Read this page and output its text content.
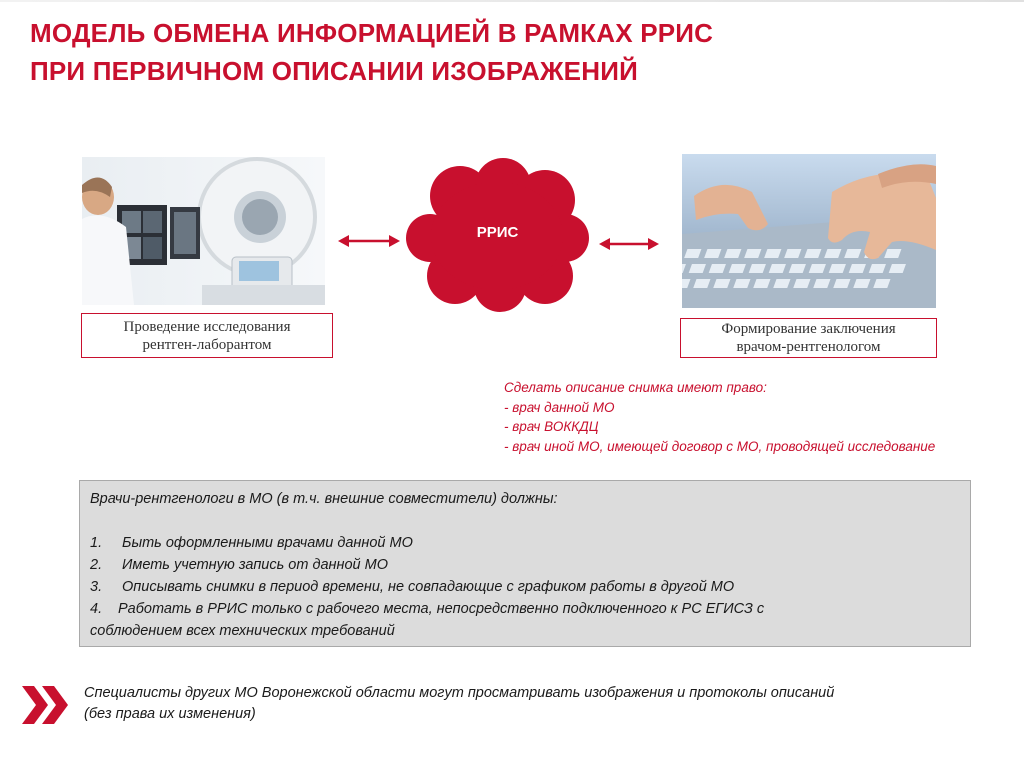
МОДЕЛЬ ОБМЕНА ИНФОРМАЦИЕЙ В РАМКАХ РРИС
ПРИ ПЕРВИЧНОМ ОПИСАНИИ ИЗОБРАЖЕНИЙ
Проведение исследования
рентген-лаборантом
Формирование заключения
врачом-рентгенологом
РРИС
Сделать описание снимка имеют право:
- врач данной МО
- врач ВОККДЦ
- врач иной МО, имеющей договор с МО, проводящей исследование
Врачи-рентгенологи в МО (в т.ч. внешние совместители) должны:
1. Быть оформленными врачами данной МО
2. Иметь учетную запись от данной МО
3. Описывать снимки в период времени, не совпадающие с графиком работы в другой МО
4. Работать в РРИС только с рабочего места, непосредственно подключенного к РС ЕГИСЗ с
соблюдением всех технических требований
Специалисты других МО Воронежской области могут просматривать изображения и протоколы описаний
(без права их изменения)
